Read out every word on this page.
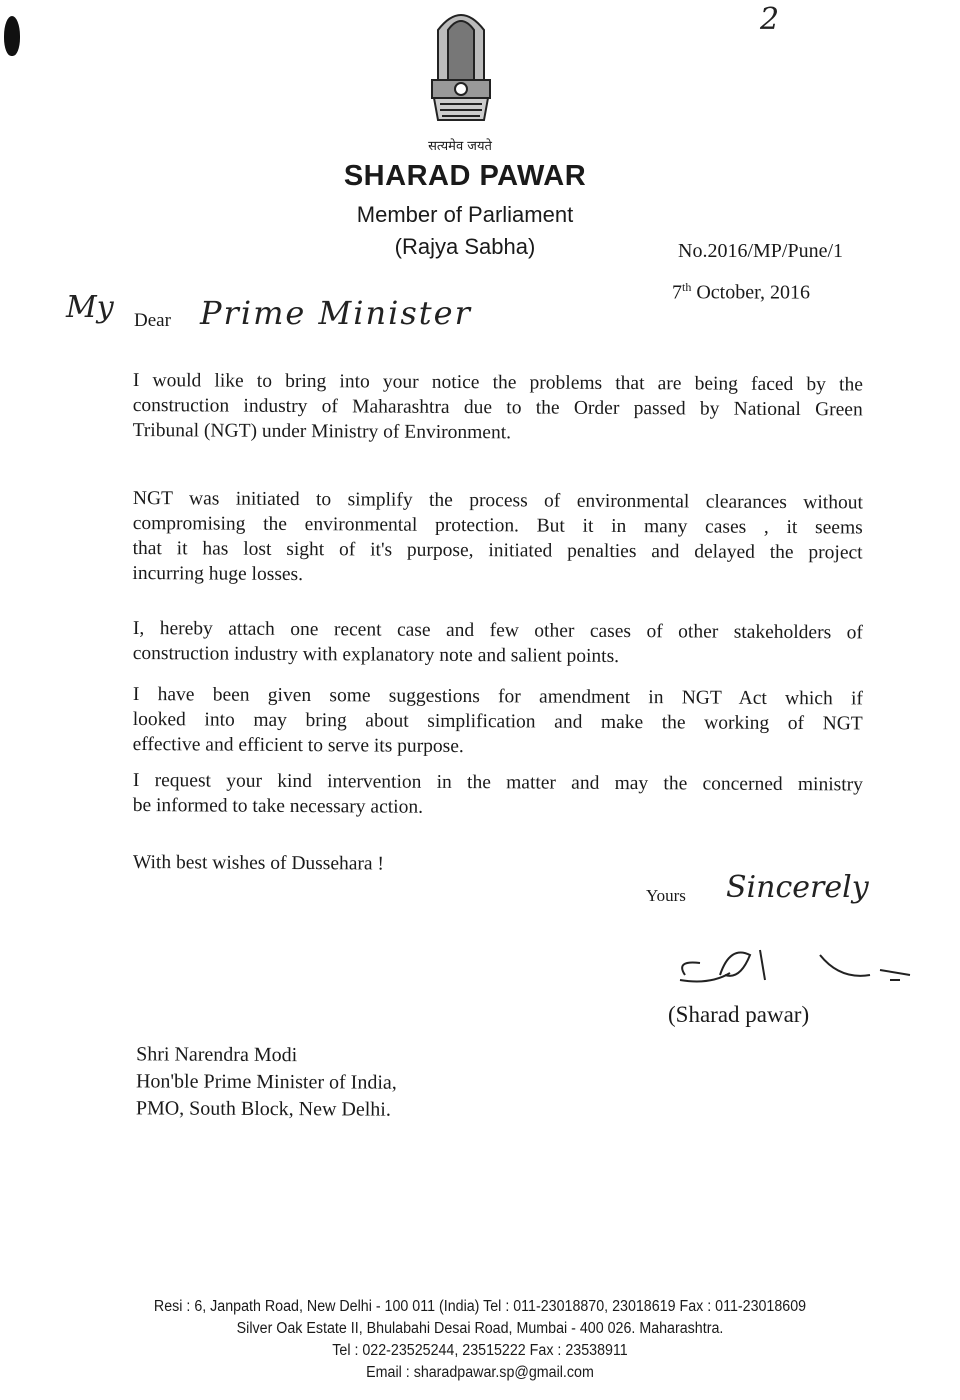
2
सत्यमेव जयते
SHARAD PAWAR
Member of Parliament
(Rajya Sabha)	No.2016/MP/Pune/1
7th October, 2016
My Dear Prime Minister
I would like to bring into your notice the problems that are being faced by the
construction industry of Maharashtra due to the Order passed by National Green
Tribunal (NGT) under Ministry of Environment.
NGT was initiated to simplify the process of environmental clearances without
compromising the environmental protection. But it in many cases , it seems
that it has lost sight of it's purpose, initiated penalties and delayed the project
incurring huge losses.
I, hereby attach one recent case and few other cases of other stakeholders of
construction industry with explanatory note and salient points.
I have been given some suggestions for amendment in NGT Act which if
looked into may bring about simplification and make the working of NGT
effective and efficient to serve its purpose.
I request your kind intervention in the matter and may the concerned ministry
be informed to take necessary action.
With best wishes of Dussehara !
Yours Sincerely
(Sharad pawar)
Shri Narendra Modi
Hon'ble Prime Minister of India,
PMO, South Block, New Delhi.
Resi : 6, Janpath Road, New Delhi - 100 011 (India) Tel : 011-23018870, 23018619 Fax : 011-23018609
Silver Oak Estate II, Bhulabahi Desai Road, Mumbai - 400 026. Maharashtra.
Tel : 022-23525244, 23515222 Fax : 23538911
Email : sharadpawar.sp@gmail.com
